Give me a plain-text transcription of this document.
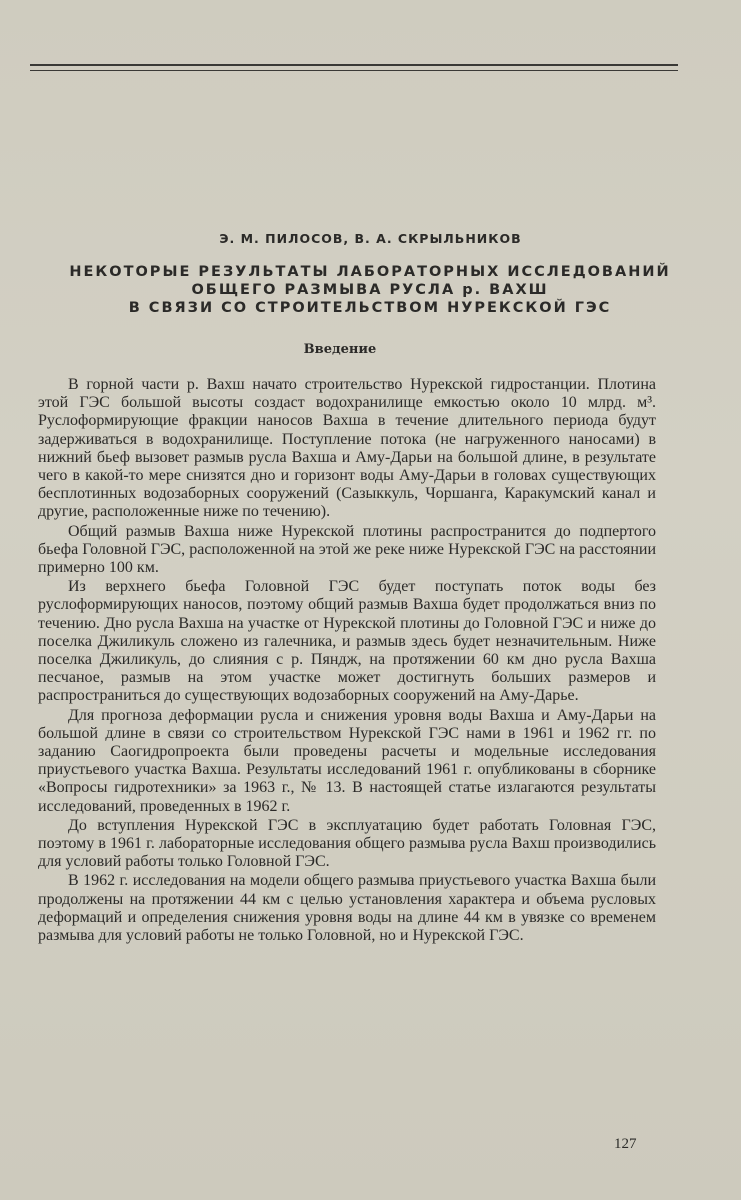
Э. М. ПИЛОСОВ, В. А. СКРЫЛЬНИКОВ
НЕКОТОРЫЕ РЕЗУЛЬТАТЫ ЛАБОРАТОРНЫХ ИССЛЕДОВАНИЙ
ОБЩЕГО РАЗМЫВА РУСЛА р. ВАХШ
В СВЯЗИ СО СТРОИТЕЛЬСТВОМ НУРЕКСКОЙ ГЭС
Введение

В горной части р. Вахш начато строительство Нурекской гидростанции. Плотина этой ГЭС большой высоты создаст водохранилище емкостью около 10 млрд. м³. Руслоформирующие фракции наносов Вахша в течение длительного периода будут задерживаться в водохранилище. Поступление потока (не нагруженного наносами) в нижний бьеф вызовет размыв русла Вахша и Аму-Дарьи на большой длине, в результате чего в какой-то мере снизятся дно и горизонт воды Аму-Дарьи в головах существующих бесплотинных водозаборных сооружений (Сазыккуль, Чоршанга, Каракумский канал и другие, расположенные ниже по течению).

Общий размыв Вахша ниже Нурекской плотины распространится до подпертого бьефа Головной ГЭС, расположенной на этой же реке ниже Нурекской ГЭС на расстоянии примерно 100 км.

Из верхнего бьефа Головной ГЭС будет поступать поток воды без руслоформирующих наносов, поэтому общий размыв Вахша будет продолжаться вниз по течению. Дно русла Вахша на участке от Нурекской плотины до Головной ГЭС и ниже до поселка Джиликуль сложено из галечника, и размыв здесь будет незначительным. Ниже поселка Джиликуль, до слияния с р. Пяндж, на протяжении 60 км дно русла Вахша песчаное, размыв на этом участке может достигнуть больших размеров и распространиться до существующих водозаборных сооружений на Аму-Дарье.

Для прогноза деформации русла и снижения уровня воды Вахша и Аму-Дарьи на большой длине в связи со строительством Нурекской ГЭС нами в 1961 и 1962 гг. по заданию Саогидропроекта были проведены расчеты и модельные исследования приустьевого участка Вахша. Результаты исследований 1961 г. опубликованы в сборнике «Вопросы гидротехники» за 1963 г., № 13. В настоящей статье излагаются результаты исследований, проведенных в 1962 г.

До вступления Нурекской ГЭС в эксплуатацию будет работать Головная ГЭС, поэтому в 1961 г. лабораторные исследования общего размыва русла Вахш производились для условий работы только Головной ГЭС.

В 1962 г. исследования на модели общего размыва приустьевого участка Вахша были продолжены на протяжении 44 км с целью установления характера и объема русловых деформаций и определения снижения уровня воды на длине 44 км в увязке со временем размыва для условий работы не только Головной, но и Нурекской ГЭС.

127
